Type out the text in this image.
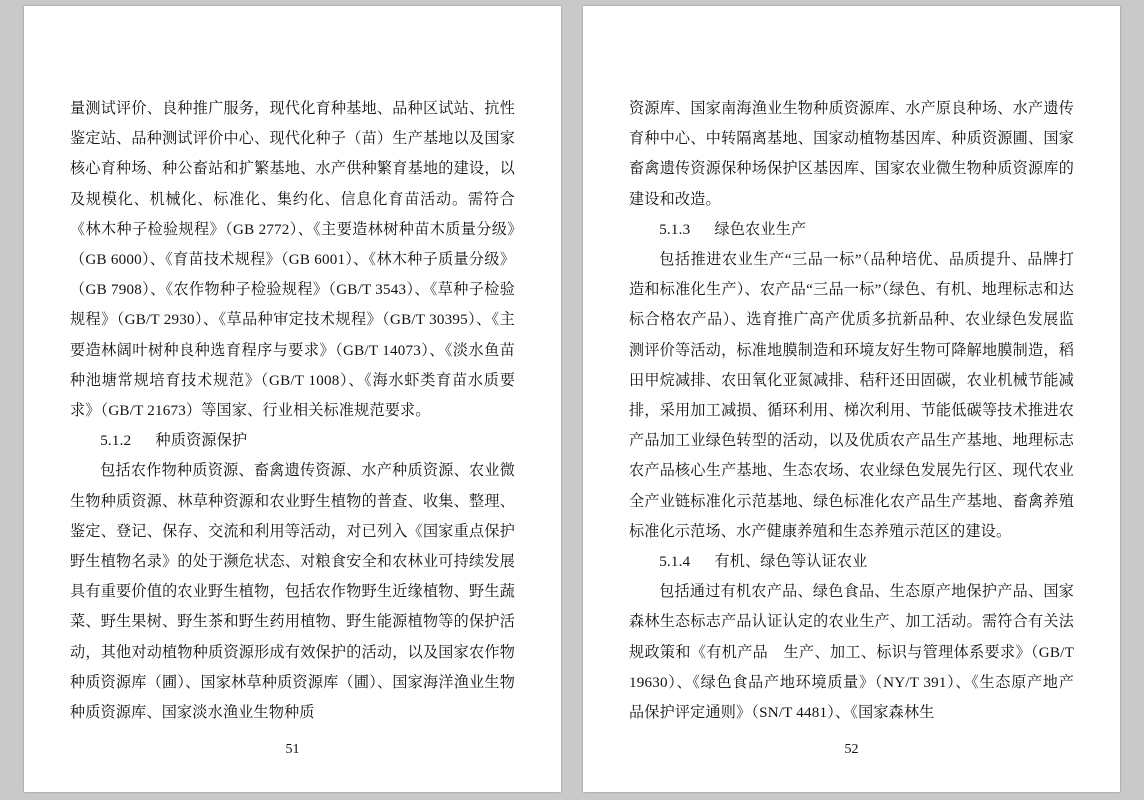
量测试评价、良种推广服务，现代化育种基地、品种区试站、抗性鉴定站、品种测试评价中心、现代化种子（苗）生产基地以及国家核心育种场、种公畜站和扩繁基地、水产供种繁育基地的建设，以及规模化、机械化、标准化、集约化、信息化育苗活动。需符合《林木种子检验规程》（GB 2772）、《主要造林树种苗木质量分级》（GB 6000）、《育苗技术规程》（GB 6001）、《林木种子质量分级》（GB 7908）、《农作物种子检验规程》（GB/T 3543）、《草种子检验规程》（GB/T 2930）、《草品种审定技术规程》（GB/T 30395）、《主要造林阔叶树种良种选育程序与要求》（GB/T 14073）、《淡水鱼苗种池塘常规培育技术规范》（GB/T 1008）、《海水虾类育苗水质要求》（GB/T 21673）等国家、行业相关标准规范要求。

5.1.2 种质资源保护

包括农作物种质资源、畜禽遗传资源、水产种质资源、农业微生物种质资源、林草种资源和农业野生植物的普查、收集、整理、鉴定、登记、保存、交流和利用等活动，对已列入《国家重点保护野生植物名录》的处于濒危状态、对粮食安全和农林业可持续发展具有重要价值的农业野生植物，包括农作物野生近缘植物、野生蔬菜、野生果树、野生茶和野生药用植物、野生能源植物等的保护活动，其他对动植物种质资源形成有效保护的活动，以及国家农作物种质资源库（圃）、国家林草种质资源库（圃）、国家海洋渔业生物种质资源库、国家淡水渔业生物种质

51

资源库、国家南海渔业生物种质资源库、水产原良种场、水产遗传育种中心、中转隔离基地、国家动植物基因库、种质资源圃、国家畜禽遗传资源保种场保护区基因库、国家农业微生物种质资源库的建设和改造。

5.1.3 绿色农业生产

包括推进农业生产“三品一标”（品种培优、品质提升、品牌打造和标准化生产）、农产品“三品一标”（绿色、有机、地理标志和达标合格农产品）、选育推广高产优质多抗新品种、农业绿色发展监测评价等活动，标准地膜制造和环境友好生物可降解地膜制造，稻田甲烷减排、农田氧化亚氮减排、秸秆还田固碳，农业机械节能减排，采用加工减损、循环利用、梯次利用、节能低碳等技术推进农产品加工业绿色转型的活动，以及优质农产品生产基地、地理标志农产品核心生产基地、生态农场、农业绿色发展先行区、现代农业全产业链标准化示范基地、绿色标准化农产品生产基地、畜禽养殖标准化示范场、水产健康养殖和生态养殖示范区的建设。

5.1.4 有机、绿色等认证农业

包括通过有机农产品、绿色食品、生态原产地保护产品、国家森林生态标志产品认证认定的农业生产、加工活动。需符合有关法规政策和《有机产品　生产、加工、标识与管理体系要求》（GB/T 19630）、《绿色食品产地环境质量》（NY/T 391）、《生态原产地产品保护评定通则》（SN/T 4481）、《国家森林生

52
